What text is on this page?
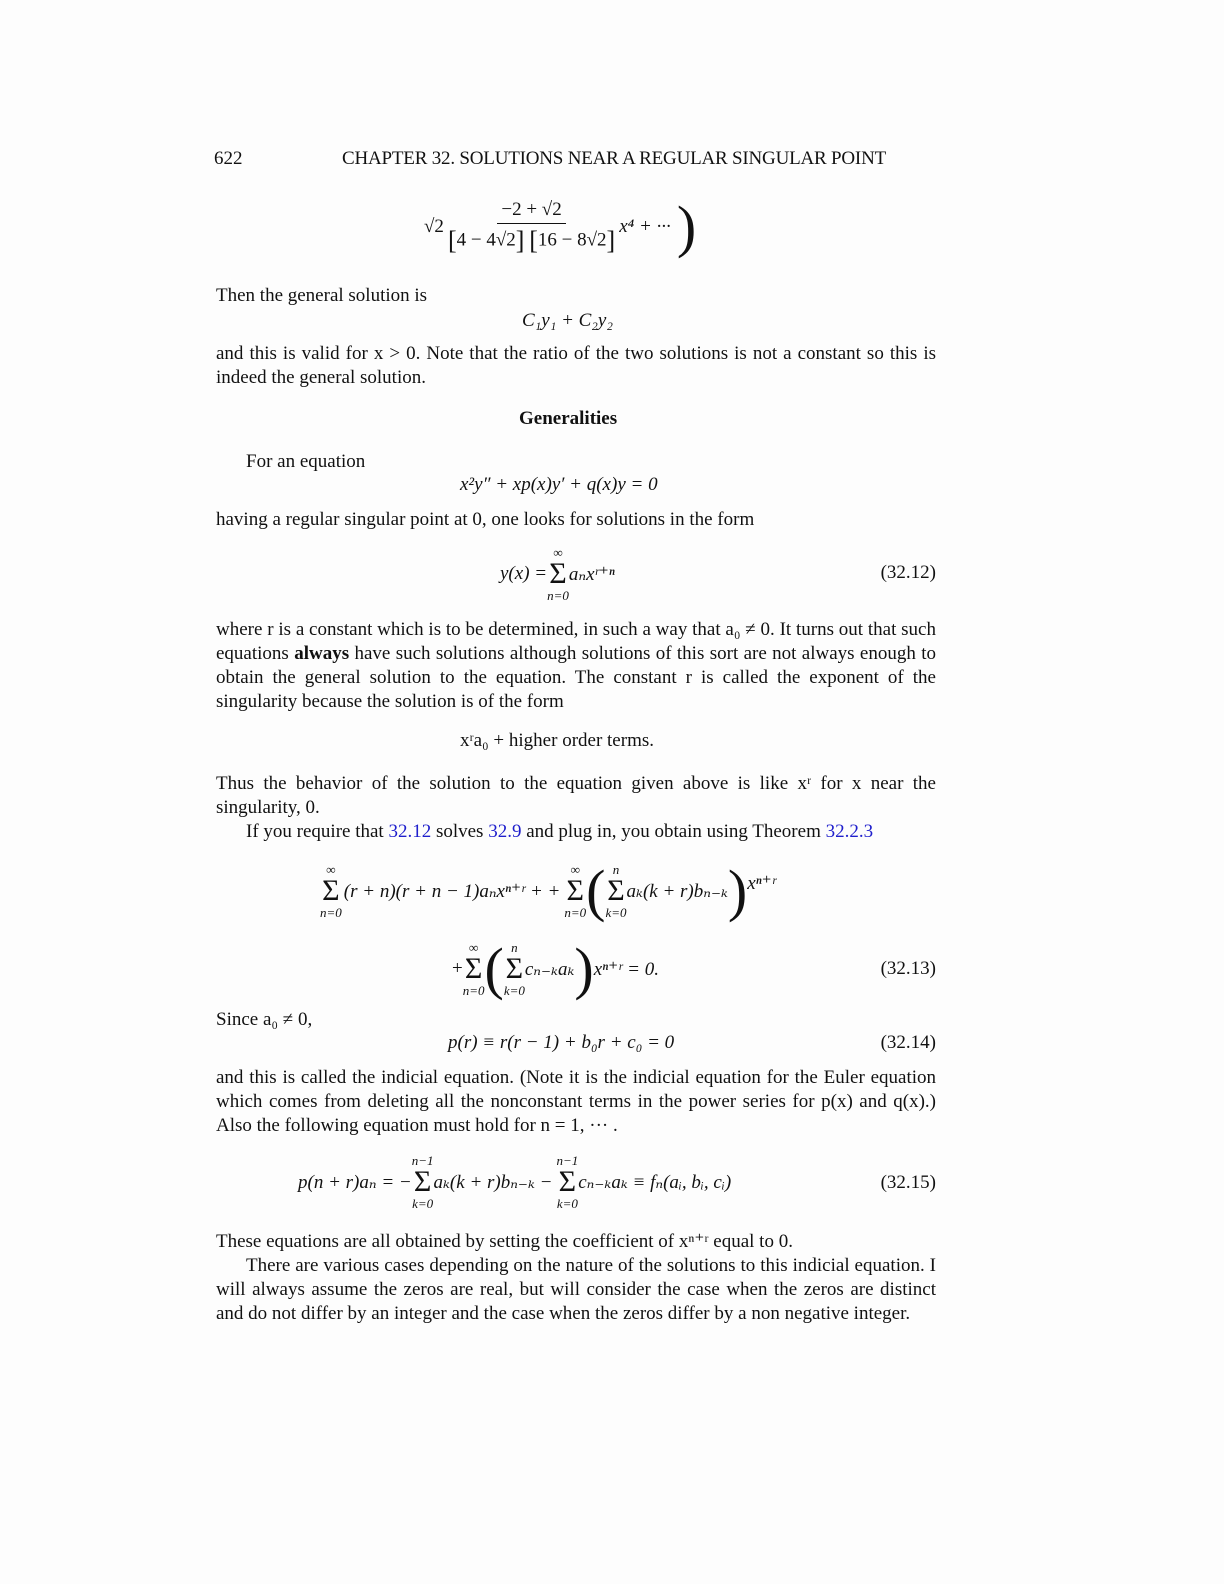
622	CHAPTER 32. SOLUTIONS NEAR A REGULAR SINGULAR POINT
$√2 \frac{-2 + √2}{[4 - 4√2] [16 - 8√2]} x^4$ + ··· )
Then the general solution is
C₁y₁ + C₂y₂
and this is valid for x > 0. Note that the ratio of the two solutions is not a constant so this is indeed the general solution.
Generalities
For an equation
x²y″ + xp(x)y′ + q(x)y = 0
having a regular singular point at 0, one looks for solutions in the form
y(x) =
∞
Σ
n=0
aₙxʳ⁺ⁿ	(32.12)
where r is a constant which is to be determined, in such a way that a₀ ≠ 0. It turns out that such equations always have such solutions although solutions of this sort are not always enough to obtain the general solution to the equation. The constant r is called the exponent of the singularity because the solution is of the form
xʳa₀ + higher order terms.
Thus the behavior of the solution to the equation given above is like xʳ for x near the singularity, 0.
If you require that 32.12 solves 32.9 and plug in, you obtain using Theorem 32.2.3
∞
Σ
n=0
(r + n)(r + n − 1)aₙxⁿ⁺ʳ + +
∞
Σ
n=0 ( n
Σ
k=0
aₖ(k + r)bₙ₋ₖ ) xⁿ⁺ʳ
+
∞
Σ
n=0 ( n
Σ
k=0
cₙ₋ₖaₖ ) xⁿ⁺ʳ = 0.	(32.13)
Since a₀ ≠ 0,
p(r) ≡ r(r − 1) + b₀r + c₀ = 0	(32.14)
and this is called the indicial equation. (Note it is the indicial equation for the Euler equation which comes from deleting all the nonconstant terms in the power series for p(x) and q(x).) Also the following equation must hold for n = 1, ··· .
p(n + r)aₙ = −
n−1
Σ
k=0
aₖ(k + r)bₙ₋ₖ −
n−1
Σ
k=0
cₙ₋ₖaₖ ≡ fₙ(aᵢ, bᵢ, cᵢ)	(32.15)
These equations are all obtained by setting the coefficient of xⁿ⁺ʳ equal to 0.
There are various cases depending on the nature of the solutions to this indicial equation. I will always assume the zeros are real, but will consider the case when the zeros are distinct and do not differ by an integer and the case when the zeros differ by a non negative integer.
